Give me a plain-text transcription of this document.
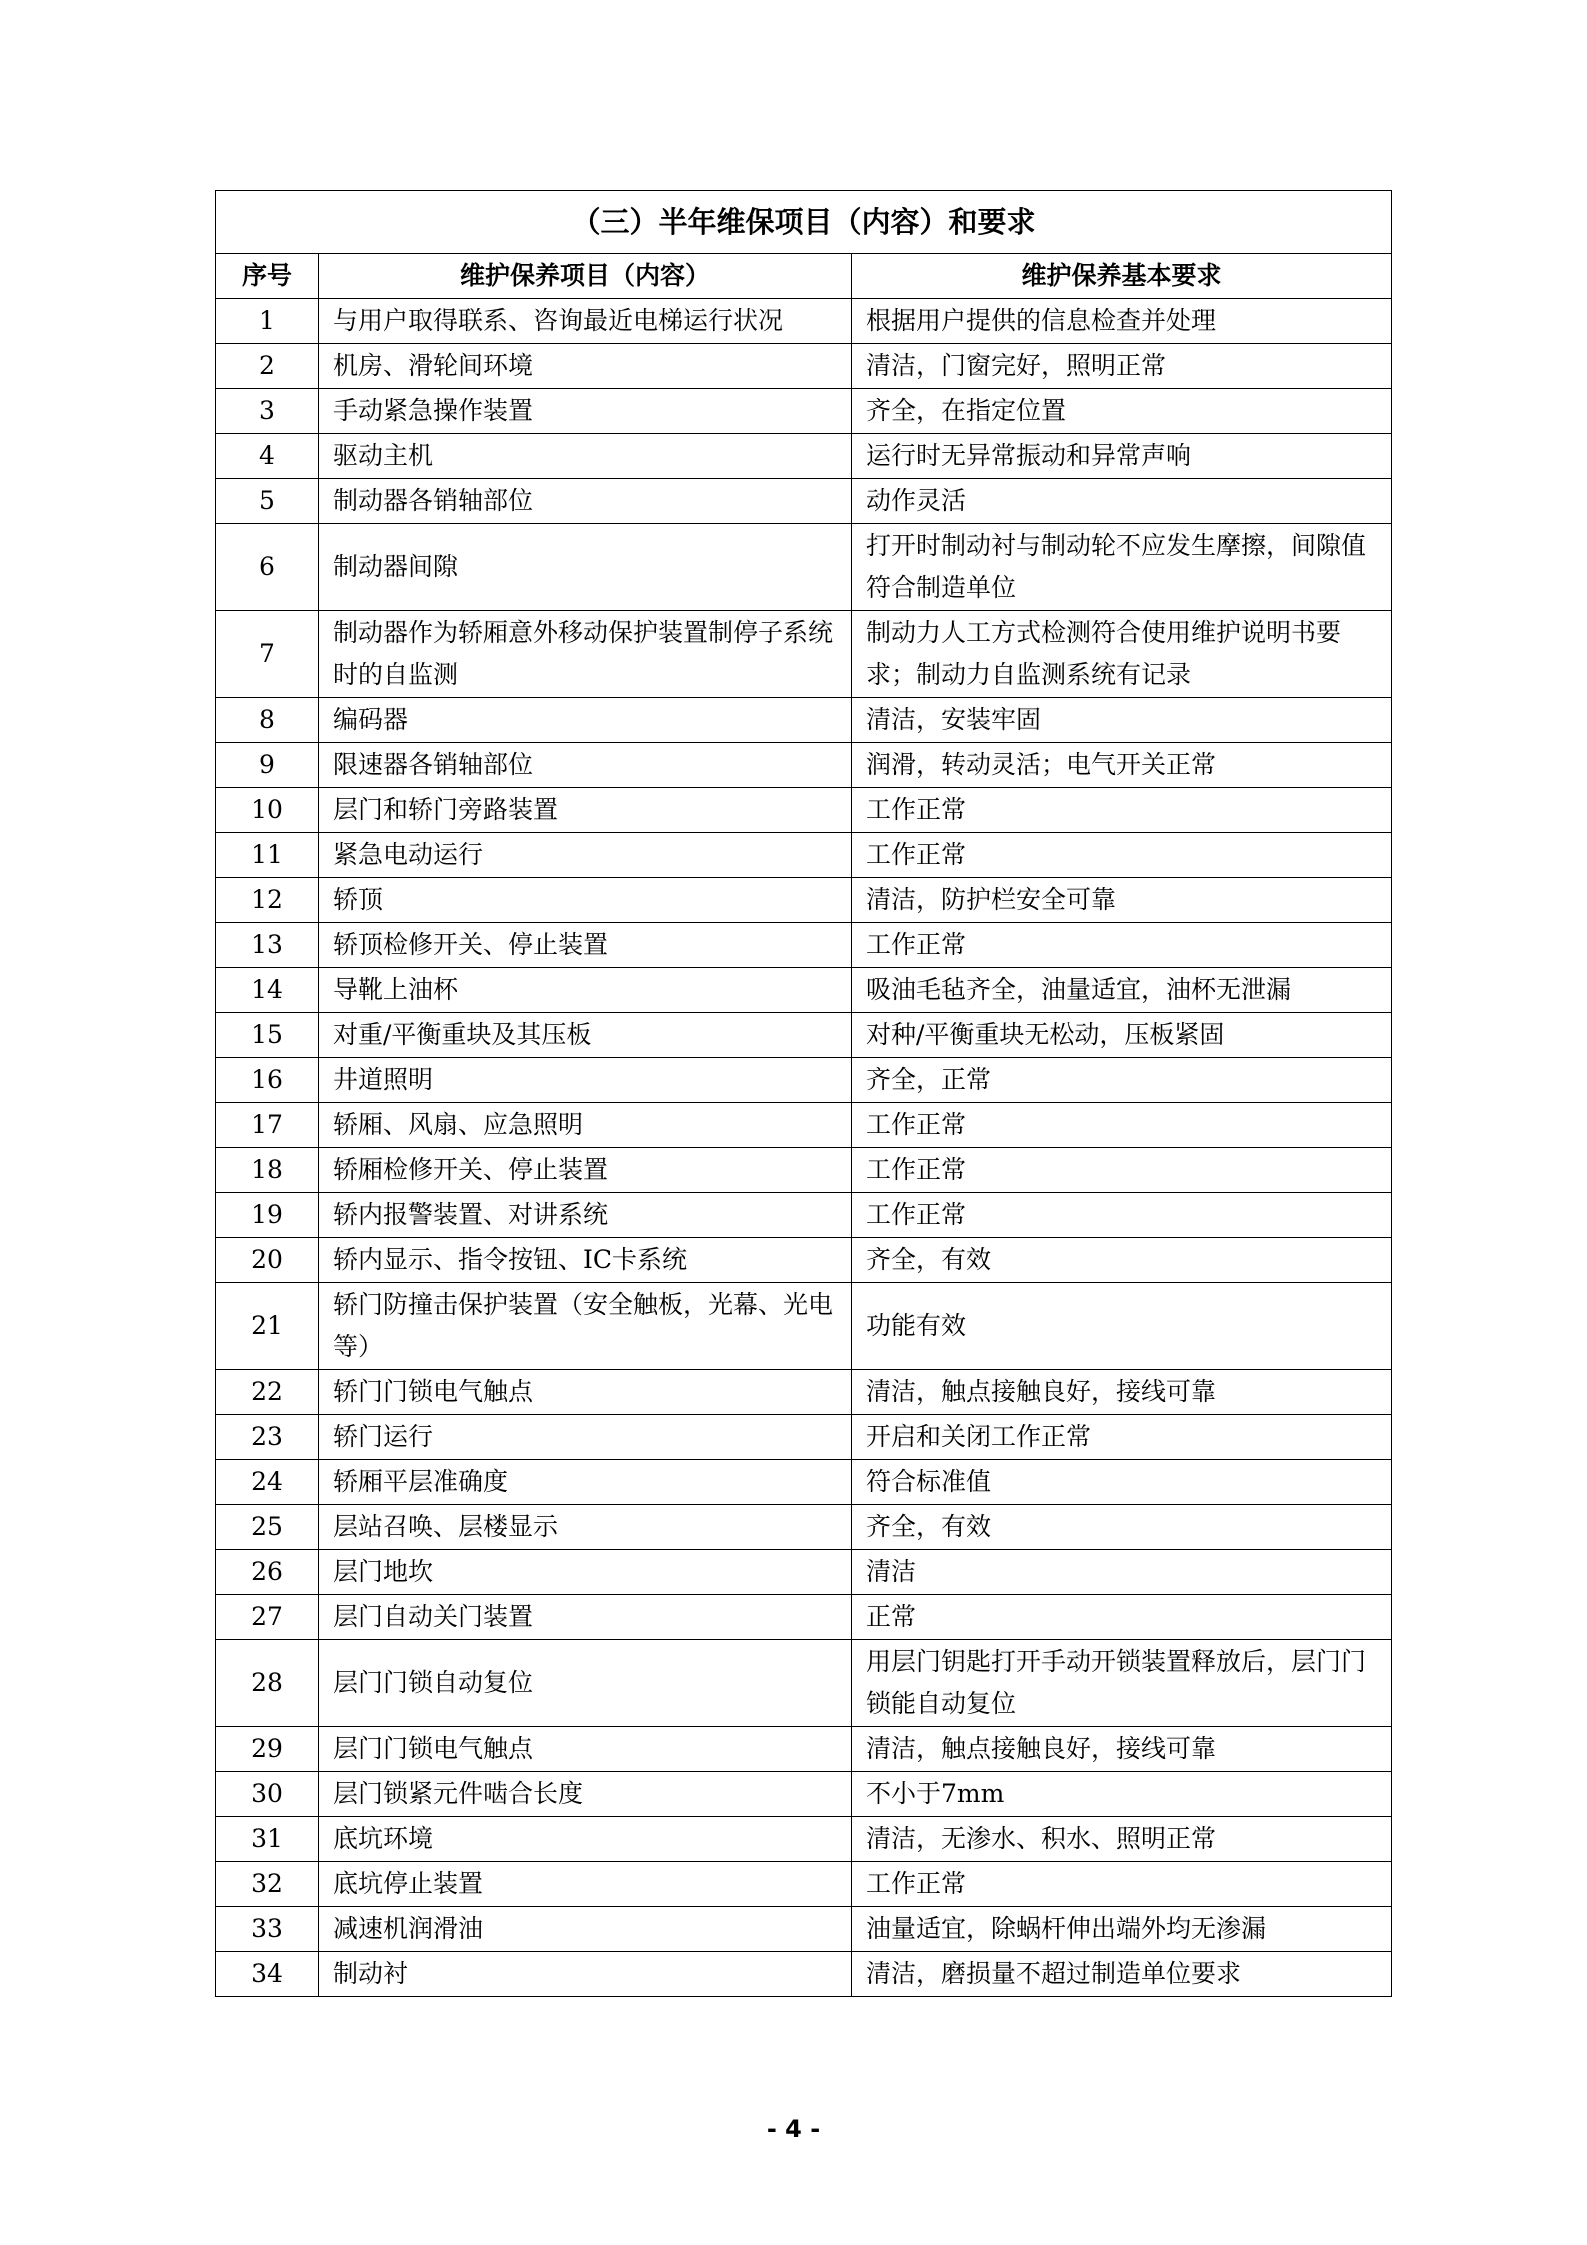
（三）半年维保项目（内容）和要求		
序号	维护保养项目（内容）	维护保养基本要求
1	与用户取得联系、咨询最近电梯运行状况	根据用户提供的信息检查并处理
2	机房、滑轮间环境	清洁，门窗完好，照明正常
3	手动紧急操作装置	齐全，在指定位置
4	驱动主机	运行时无异常振动和异常声响
5	制动器各销轴部位	动作灵活
6	制动器间隙	打开时制动衬与制动轮不应发生摩擦，间隙值符合制造单位
7	制动器作为轿厢意外移动保护装置制停子系统时的自监测	制动力人工方式检测符合使用维护说明书要求；制动力自监测系统有记录
8	编码器	清洁，安装牢固
9	限速器各销轴部位	润滑，转动灵活；电气开关正常
10	层门和轿门旁路装置	工作正常
11	紧急电动运行	工作正常
12	轿顶	清洁，防护栏安全可靠
13	轿顶检修开关、停止装置	工作正常
14	导靴上油杯	吸油毛毡齐全，油量适宜，油杯无泄漏
15	对重/平衡重块及其压板	对种/平衡重块无松动，压板紧固
16	井道照明	齐全，正常
17	轿厢、风扇、应急照明	工作正常
18	轿厢检修开关、停止装置	工作正常
19	轿内报警装置、对讲系统	工作正常
20	轿内显示、指令按钮、IC卡系统	齐全，有效
21	轿门防撞击保护装置（安全触板，光幕、光电等）	功能有效
22	轿门门锁电气触点	清洁，触点接触良好，接线可靠
23	轿门运行	开启和关闭工作正常
24	轿厢平层准确度	符合标准值
25	层站召唤、层楼显示	齐全，有效
26	层门地坎	清洁
27	层门自动关门装置	正常
28	层门门锁自动复位	用层门钥匙打开手动开锁装置释放后，层门门锁能自动复位
29	层门门锁电气触点	清洁，触点接触良好，接线可靠
30	层门锁紧元件啮合长度	不小于7mm
31	底坑环境	清洁，无渗水、积水、照明正常
32	底坑停止装置	工作正常
33	减速机润滑油	油量适宜，除蜗杆伸出端外均无渗漏
34	制动衬	清洁，磨损量不超过制造单位要求
- 4 -
